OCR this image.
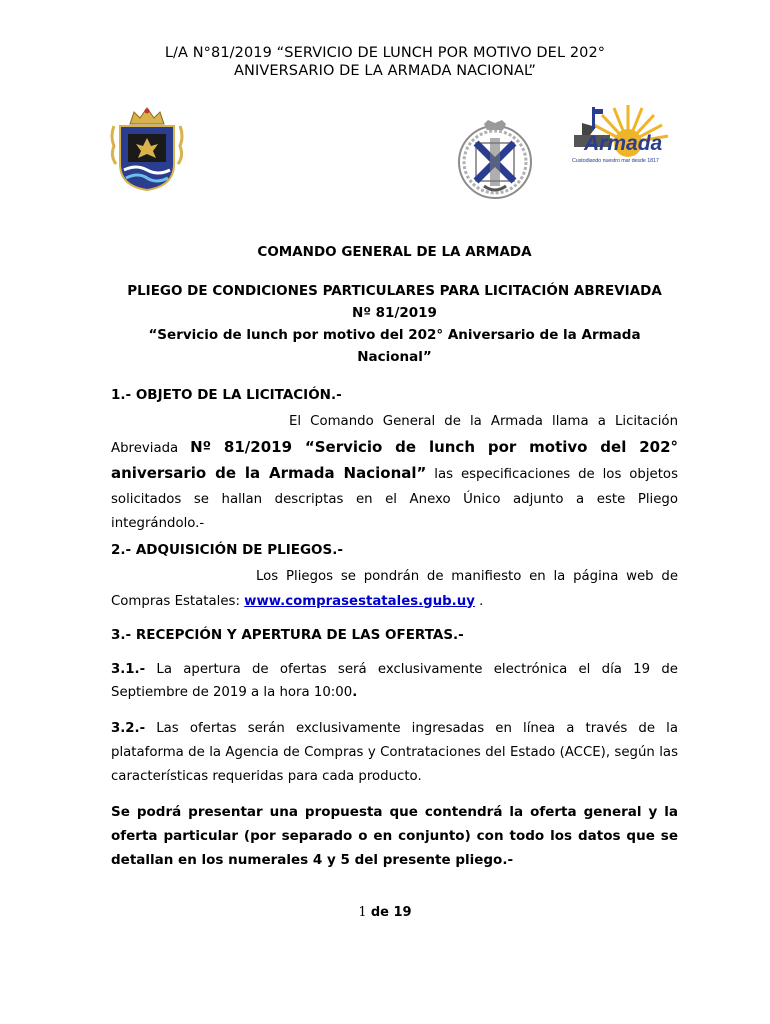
L/A N°81/2019 “SERVICIO DE LUNCH POR MOTIVO DEL 202°
ANIVERSARIO DE LA ARMADA NACIONAL”
Armada
Custodiando nuestro mar desde 1817
COMANDO GENERAL DE LA ARMADA
PLIEGO DE CONDICIONES PARTICULARES PARA LICITACIÓN ABREVIADA
Nº 81/2019
“Servicio de lunch por motivo del 202° Aniversario de la Armada
Nacional”
1.- OBJETO DE LA LICITACIÓN.-
El Comando General de la Armada llama a Licitación
Abreviada Nº 81/2019 “Servicio de lunch por motivo del 202° aniversario de la Armada Nacional” las especificaciones de los objetos solicitados se hallan descriptas en el Anexo Único adjunto a este Pliego integrándolo.-
2.- ADQUISICIÓN DE PLIEGOS.-
Los Pliegos se pondrán de manifiesto en la página web de
Compras Estatales: www.comprasestatales.gub.uy .
3.- RECEPCIÓN Y APERTURA DE LAS OFERTAS.-
3.1.- La apertura de ofertas será exclusivamente electrónica el día 19 de Septiembre de 2019 a la hora 10:00.
3.2.- Las ofertas serán exclusivamente ingresadas en línea a través de la plataforma de la Agencia de Compras y Contrataciones del Estado (ACCE), según las características requeridas para cada producto.
Se podrá presentar una propuesta que contendrá la oferta general y la oferta particular (por separado o en conjunto) con todo los datos que se detallan en los numerales 4 y 5 del presente pliego.-
1 de 19
